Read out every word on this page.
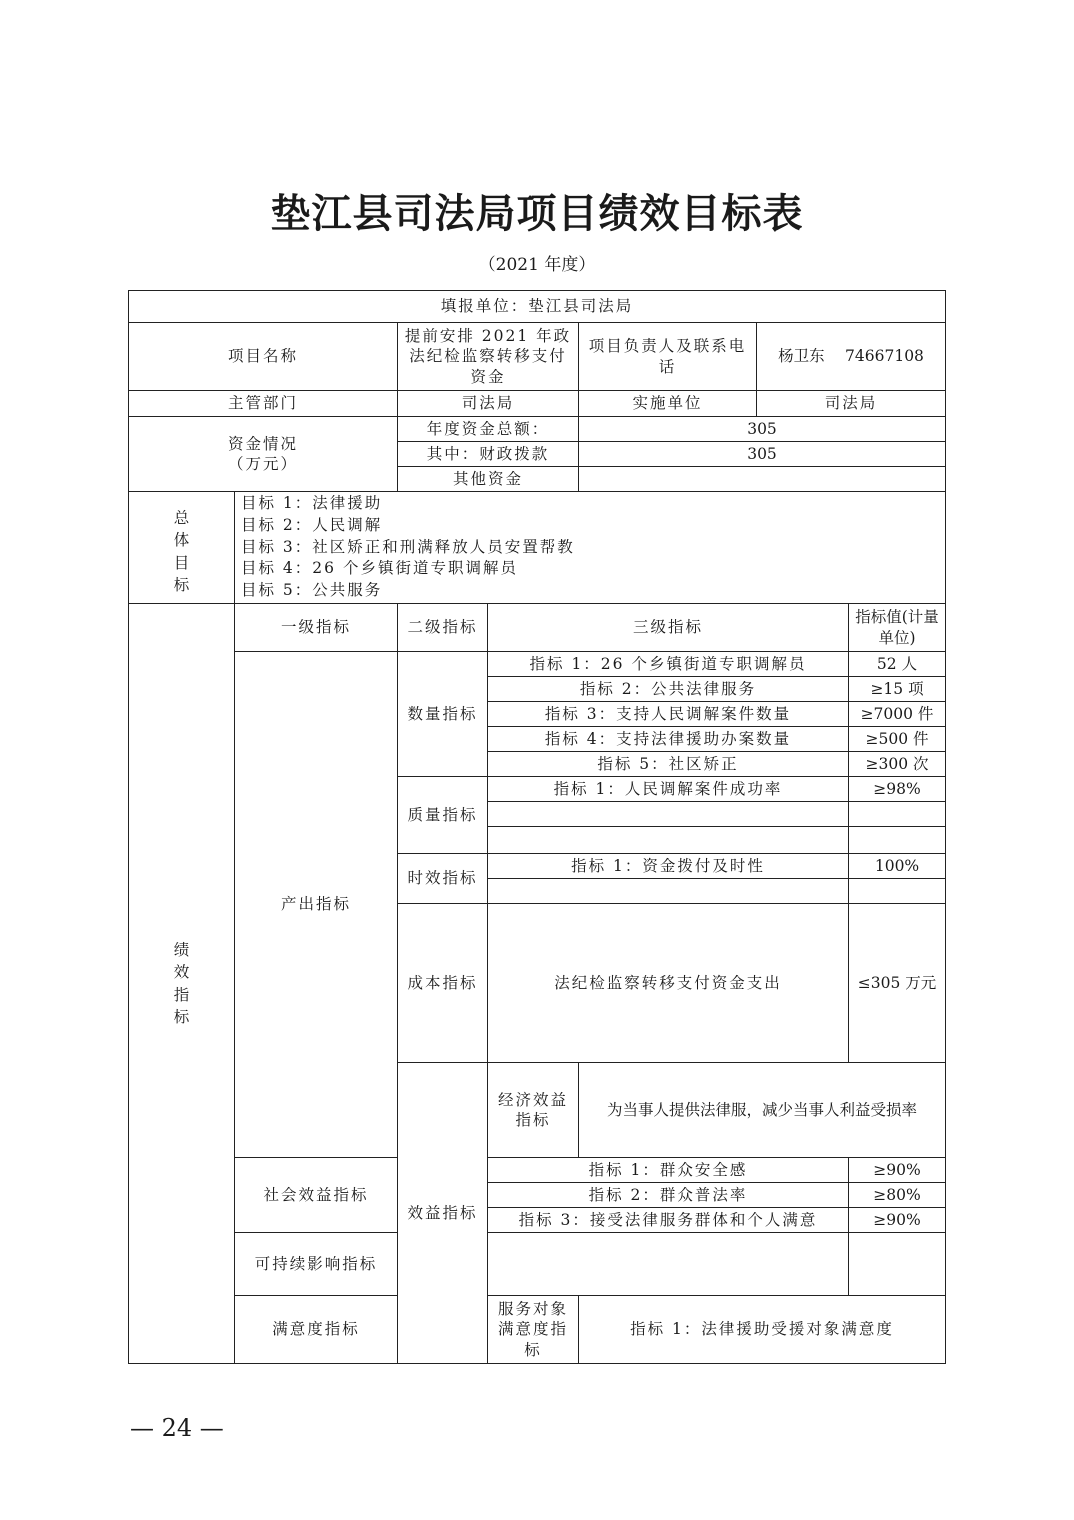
垫江县司法局项目绩效目标表
（2021 年度）
填报单位：垫江县司法局							
项目名称		提前安排 2021 年政法纪检监察转移支付资金		项目负责人及联系电话	杨卫东　 74667108		
主管部门		司法局		实施单位	司法局		

资金情况
（万元）		年度资金总额：		305			
		其中：财政拨款		305			
		其他资金					

总
体
目
标	目标 1：法律援助
目标 2：人民调解
目标 3：社区矫正和刑满释放人员安置帮教
目标 4：26 个乡镇街道专职调解员
目标 5：公共服务						

绩
效
指
标	一级指标	二级指标	三级指标			指标值(计量单位)	
	产出指标	数量指标	指标 1：26 个乡镇街道专职调解员			52 人	
			指标 2：公共法律服务			≥15 项	
			指标 3：支持人民调解案件数量			≥7000 件	
			指标 4：支持法律援助办案数量			≥500 件	
			指标 5：社区矫正			≥300 次	
		质量指标	指标 1：人民调解案件成功率			≥98%	

		时效指标	指标 1：资金拨付及时性			100%	

		成本指标	法纪检监察转移支付资金支出			≤305 万元	
		效益指标	经济效益指标	为当事人提供法律服，减少当事人利益受损率	
	社会效益指标		指标 1：群众安全感			≥90%	
			指标 2：群众普法率			≥80%	
			指标 3：接受法律服务群体和个人满意			≥90%	
	可持续影响指标						
	满意度指标		服务对象满意度指标	指标 1：法律援助受援对象满意度	
— 24 —
